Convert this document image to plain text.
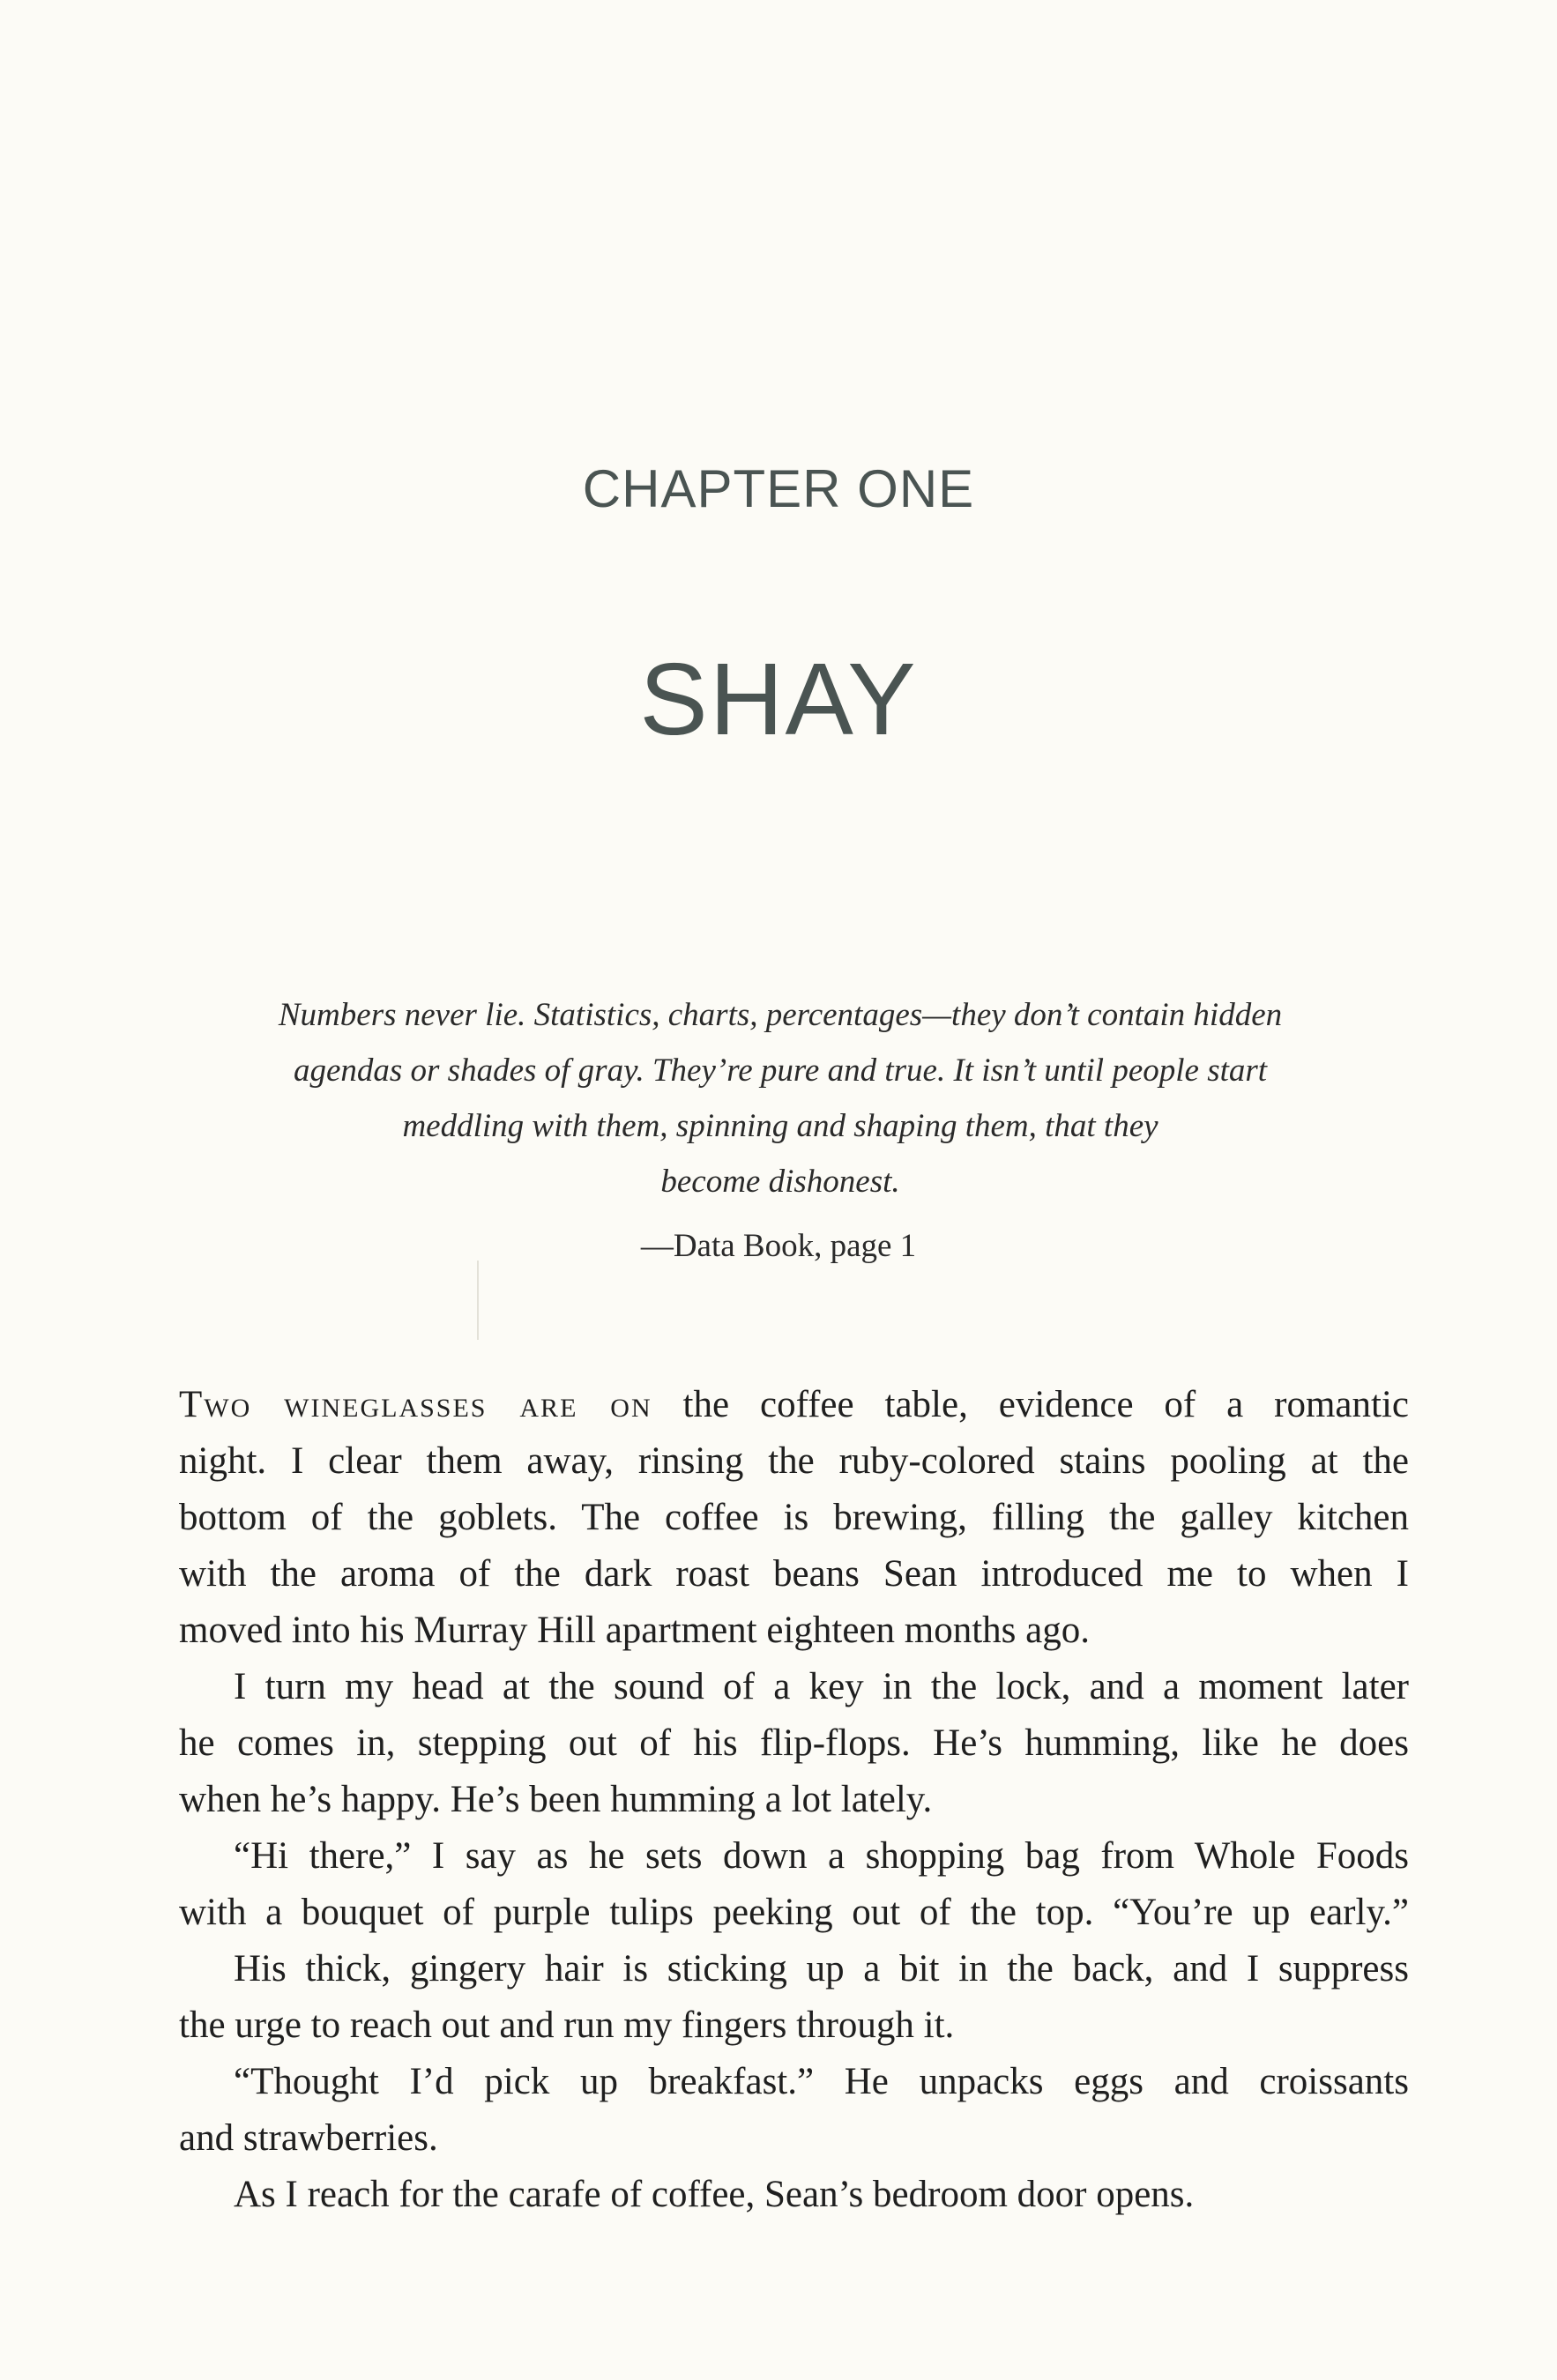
CHAPTER ONE
SHAY
Numbers never lie. Statistics, charts, percentages—they don’t contain hidden
agendas or shades of gray. They’re pure and true. It isn’t until people start
meddling with them, spinning and shaping them, that they
become dishonest.
—Data Book, page 1
Two wineglasses are on the coffee table, evidence of a romantic
night. I clear them away, rinsing the ruby-colored stains pooling at the
bottom of the goblets. The coffee is brewing, filling the galley kitchen
with the aroma of the dark roast beans Sean introduced me to when I
moved into his Murray Hill apartment eighteen months ago.
I turn my head at the sound of a key in the lock, and a moment later
he comes in, stepping out of his flip-flops. He’s humming, like he does
when he’s happy. He’s been humming a lot lately.
“Hi there,” I say as he sets down a shopping bag from Whole Foods
with a bouquet of purple tulips peeking out of the top. “You’re up early.”
His thick, gingery hair is sticking up a bit in the back, and I suppress
the urge to reach out and run my fingers through it.
“Thought I’d pick up breakfast.” He unpacks eggs and croissants
and strawberries.
As I reach for the carafe of coffee, Sean’s bedroom door opens.
